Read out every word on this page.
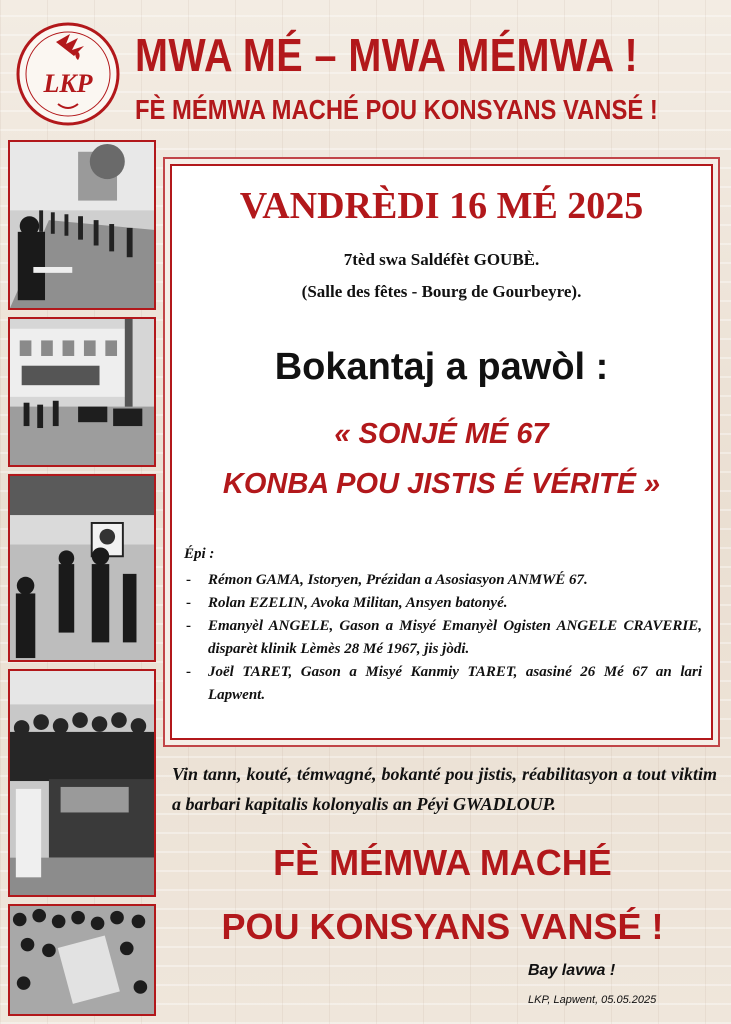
LKP
MWA MÉ – MWA MÉMWA !
FÈ MÉMWA MACHÉ POU KONSYANS VANSÉ !
VANDRÈDI 16 MÉ 2025
7tèd swa Saldéfèt GOUBÈ.
(Salle des fêtes - Bourg de Gourbeyre).
Bokantaj a pawòl :
« SONJÉ MÉ 67
KONBA POU JISTIS É VÉRITÉ »
Épi :
- Rémon GAMA, Istoryen, Prézidan a Asosiasyon ANMWÉ 67.
- Rolan EZELIN, Avoka Militan, Ansyen batonyé.
- Emanyèl ANGELE, Gason a Misyé Emanyèl Ogisten ANGELE CRAVERIE, disparèt klinik Lèmès 28 Mé 1967, jis jòdi.
- Joël TARET, Gason a Misyé Kanmiy TARET, asasiné 26 Mé 67 an lari Lapwent.
Vin tann, kouté, témwagné, bokanté pou jistis, réabilitasyon a tout viktim a barbari kapitalis kolonyalis an Péyi GWADLOUP.
FÈ MÉMWA MACHÉ
POU KONSYANS VANSÉ !
Bay lavwa !
LKP, Lapwent, 05.05.2025
